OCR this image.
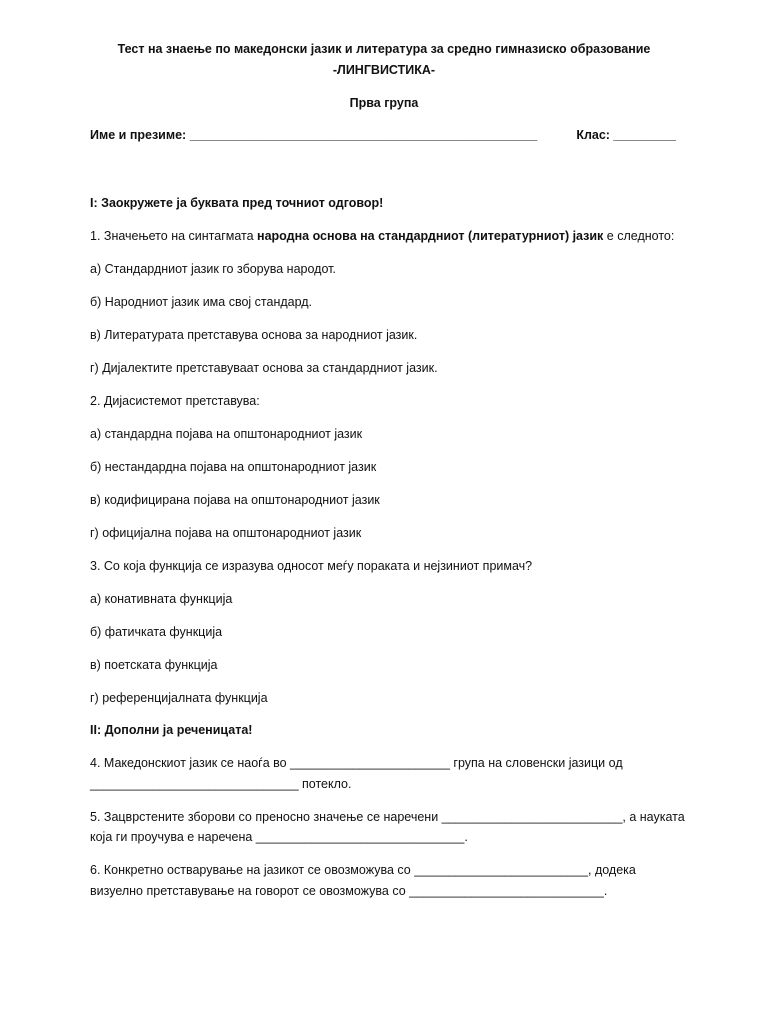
Тест на знаење по македонски јазик и литература за средно гимназиско образование
-ЛИНГВИСТИКА-
Прва група
Име и презиме: __________________________________________________	Клас: _________
I: Заокружете ја буквата пред точниот одговор!
1. Значењето на синтагмата народна основа на стандардниот (литературниот) јазик е следното:
а) Стандардниот јазик го зборува народот.
б) Народниот јазик има свој стандард.
в) Литературата претставува основа за народниот јазик.
г) Дијалектите претставуваат основа за стандардниот јазик.
2. Дијасистемот претставува:
а) стандардна појава на општонародниот јазик
б) нестандардна појава на општонародниот јазик
в) кодифицирана појава на општонародниот јазик
г) официјална појава на општонародниот јазик
3. Со која функција се изразува односот меѓу пораката и нејзиниот примач?
а) конативната функција
б) фатичката функција
в) поетската функција
г) референцијалната функција
II: Дополни ја реченицата!
4. Македонскиот јазик се наоѓа во _______________________ група на словенски јазици од
______________________________ потекло.
5. Зацврстените зборови со преносно значење се наречени __________________________, а науката
која ги проучува е наречена ______________________________.
6. Конкретно остварување на јазикот се овозможува со _________________________, додека
визуелно претставување на говорот се овозможува со ____________________________.
